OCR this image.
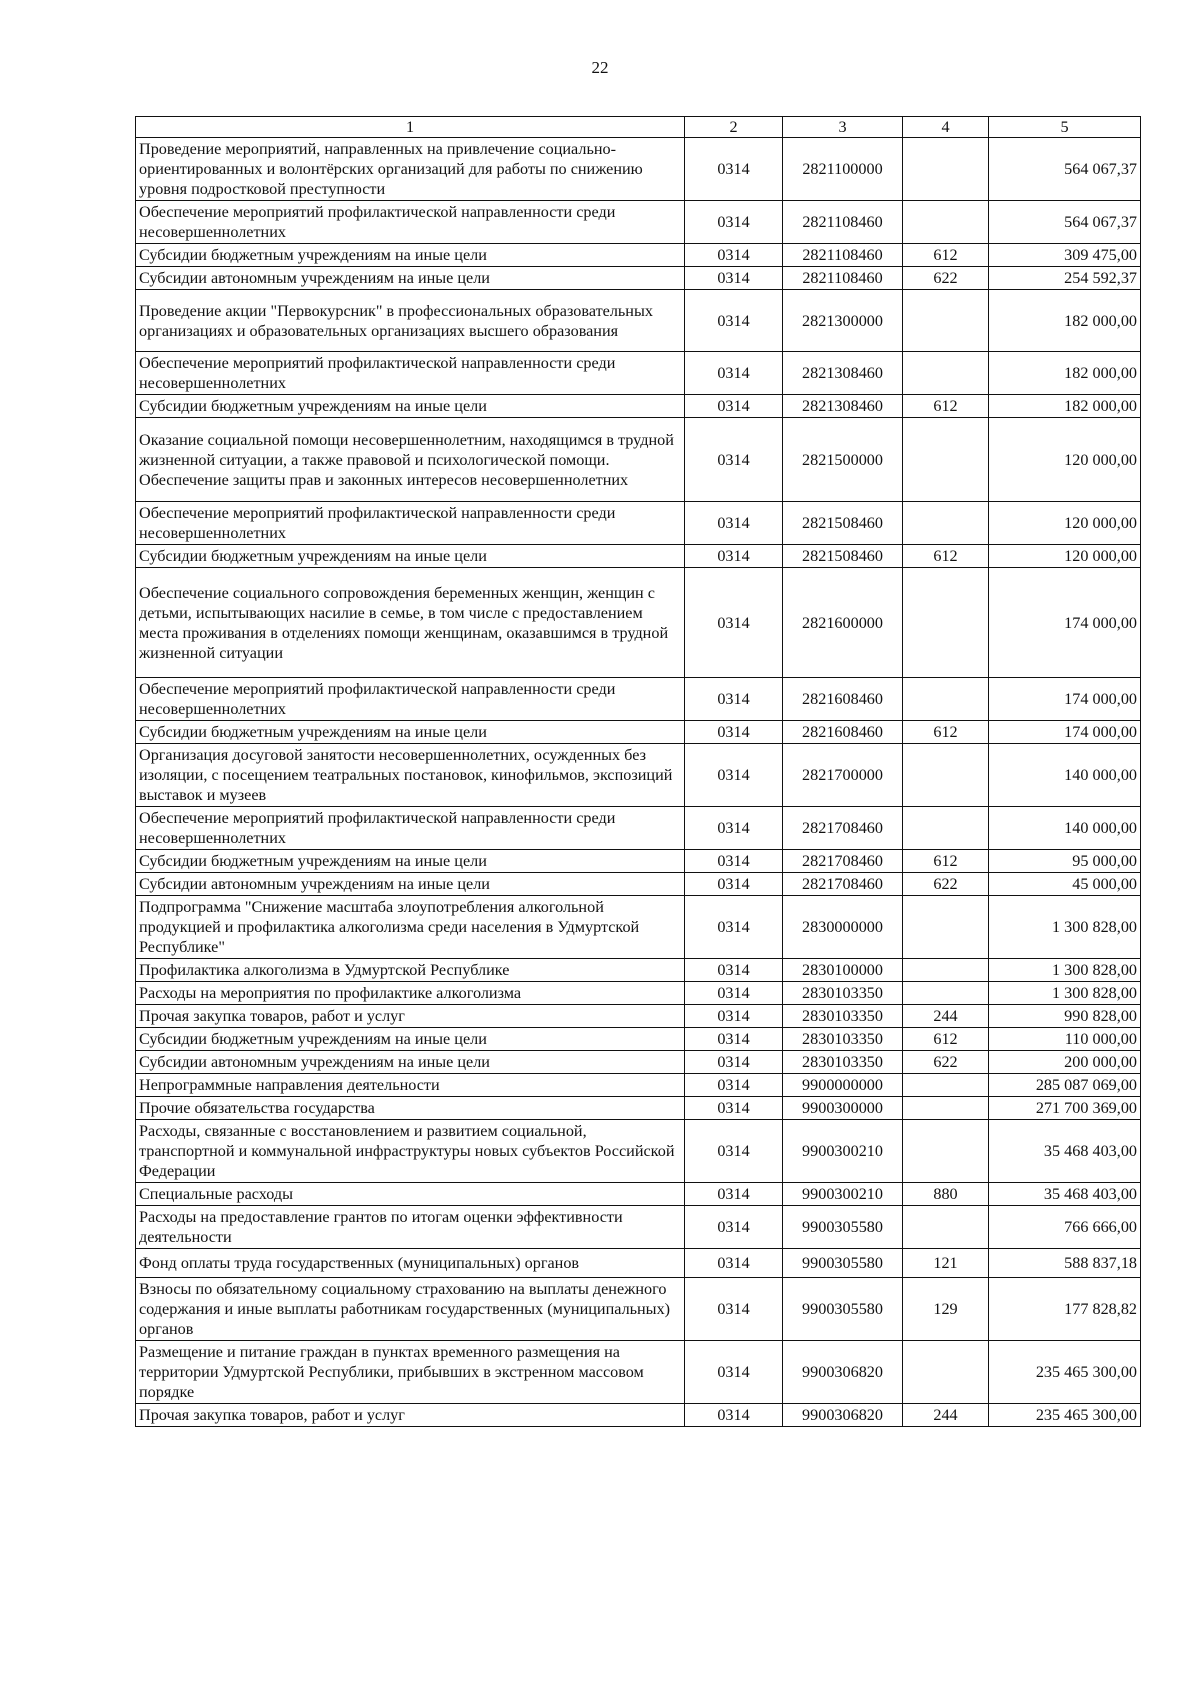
22
1	2	3	4	5
Проведение мероприятий, направленных на привлечение социально-ориентированных и волонтёрских организаций для работы по снижению уровня подростковой преступности	0314	2821100000		564 067,37
Обеспечение мероприятий профилактической направленности среди несовершеннолетних	0314	2821108460		564 067,37
Субсидии бюджетным учреждениям на иные цели	0314	2821108460	612	309 475,00
Субсидии автономным учреждениям на иные цели	0314	2821108460	622	254 592,37
Проведение акции "Первокурсник" в профессиональных образовательных организациях и образовательных организациях высшего образования	0314	2821300000		182 000,00
Обеспечение мероприятий профилактической направленности среди несовершеннолетних	0314	2821308460		182 000,00
Субсидии бюджетным учреждениям на иные цели	0314	2821308460	612	182 000,00
Оказание социальной помощи несовершеннолетним, находящимся в трудной жизненной ситуации, а также правовой и психологической помощи. Обеспечение защиты прав и законных интересов несовершеннолетних	0314	2821500000		120 000,00
Обеспечение мероприятий профилактической направленности среди несовершеннолетних	0314	2821508460		120 000,00
Субсидии бюджетным учреждениям на иные цели	0314	2821508460	612	120 000,00
Обеспечение социального сопровождения беременных женщин, женщин с детьми, испытывающих насилие в семье, в том числе с предоставлением места проживания в отделениях помощи женщинам, оказавшимся в трудной жизненной ситуации	0314	2821600000		174 000,00
Обеспечение мероприятий профилактической направленности среди несовершеннолетних	0314	2821608460		174 000,00
Субсидии бюджетным учреждениям на иные цели	0314	2821608460	612	174 000,00
Организация досуговой занятости несовершеннолетних, осужденных без изоляции, с посещением театральных постановок, кинофильмов, экспозиций выставок и музеев	0314	2821700000		140 000,00
Обеспечение мероприятий профилактической направленности среди несовершеннолетних	0314	2821708460		140 000,00
Субсидии бюджетным учреждениям на иные цели	0314	2821708460	612	95 000,00
Субсидии автономным учреждениям на иные цели	0314	2821708460	622	45 000,00
Подпрограмма "Снижение масштаба злоупотребления алкогольной продукцией и профилактика алкоголизма среди населения в Удмуртской Республике"	0314	2830000000		1 300 828,00
Профилактика алкоголизма в Удмуртской Республике	0314	2830100000		1 300 828,00
Расходы на мероприятия по профилактике алкоголизма	0314	2830103350		1 300 828,00
Прочая закупка товаров, работ и услуг	0314	2830103350	244	990 828,00
Субсидии бюджетным учреждениям на иные цели	0314	2830103350	612	110 000,00
Субсидии автономным учреждениям на иные цели	0314	2830103350	622	200 000,00
Непрограммные направления деятельности	0314	9900000000		285 087 069,00
Прочие обязательства государства	0314	9900300000		271 700 369,00
Расходы, связанные с восстановлением и развитием социальной, транспортной и коммунальной инфраструктуры новых субъектов Российской Федерации	0314	9900300210		35 468 403,00
Специальные расходы	0314	9900300210	880	35 468 403,00
Расходы на предоставление грантов по итогам оценки эффективности деятельности	0314	9900305580		766 666,00
Фонд оплаты труда государственных (муниципальных) органов	0314	9900305580	121	588 837,18
Взносы по обязательному социальному страхованию на выплаты денежного содержания и иные выплаты работникам государственных (муниципальных) органов	0314	9900305580	129	177 828,82
Размещение и питание граждан в пунктах временного размещения на территории Удмуртской Республики, прибывших в экстренном массовом порядке	0314	9900306820		235 465 300,00
Прочая закупка товаров, работ и услуг	0314	9900306820	244	235 465 300,00
